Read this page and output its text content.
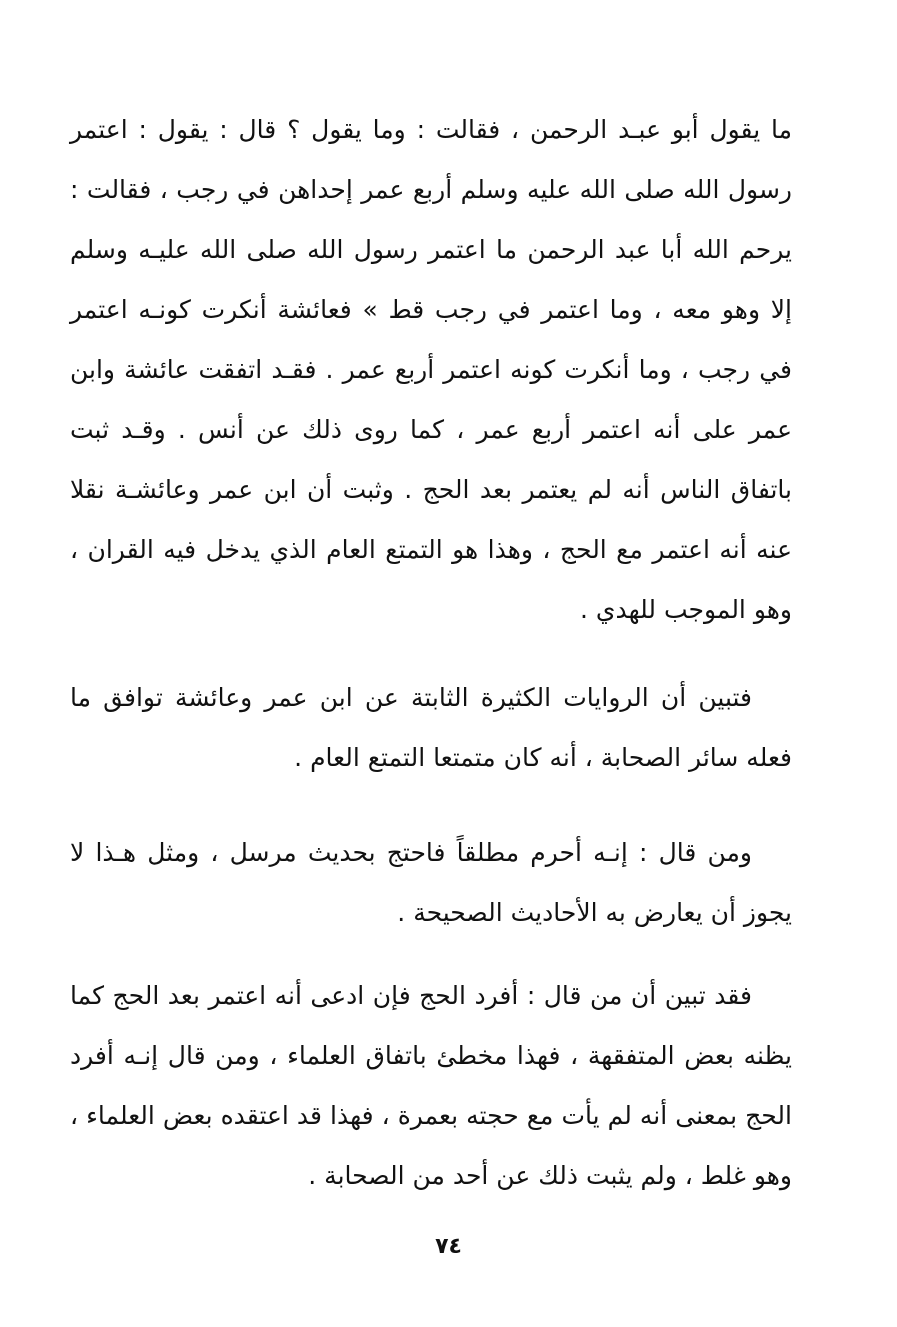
ما يقول أبو عبـد الرحمن ، فقالت : وما يقول ؟ قال : يقول : اعتمر رسول الله صلى الله عليه وسلم أربع عمر إحداهن في رجب ، فقالت : يرحم الله أبا عبد الرحمن ما اعتمر رسول الله صلى الله عليـه وسلم إلا وهو معه ، وما اعتمر في رجب قط » فعائشة أنكرت كونـه اعتمر في رجب ، وما أنكرت كونه اعتمر أربع عمر . فقـد اتفقت عائشة وابن عمر على أنه اعتمر أربع عمر ، كما روى ذلك عن أنس . وقـد ثبت باتفاق الناس أنه لم يعتمر بعد الحج . وثبت أن ابن عمر وعائشـة نقلا عنه أنه اعتمر مع الحج ، وهذا هو التمتع العام الذي يدخل فيه القران ، وهو الموجب للهدي .

فتبين أن الروايات الكثيرة الثابتة عن ابن عمر وعائشة توافق ما فعله سائر الصحابة ، أنه كان متمتعا التمتع العام .

ومن قال : إنـه أحرم مطلقاً فاحتج بحديث مرسل ، ومثل هـذا لا يجوز أن يعارض به الأحاديث الصحيحة .

فقد تبين أن من قال : أفرد الحج فإن ادعى أنه اعتمر بعد الحج كما يظنه بعض المتفقهة ، فهذا مخطئ باتفاق العلماء ، ومن قال إنـه أفرد الحج بمعنى أنه لم يأت مع حجته بعمرة ، فهذا قد اعتقده بعض العلماء ، وهو غلط ، ولم يثبت ذلك عن أحد من الصحابة .

٧٤
